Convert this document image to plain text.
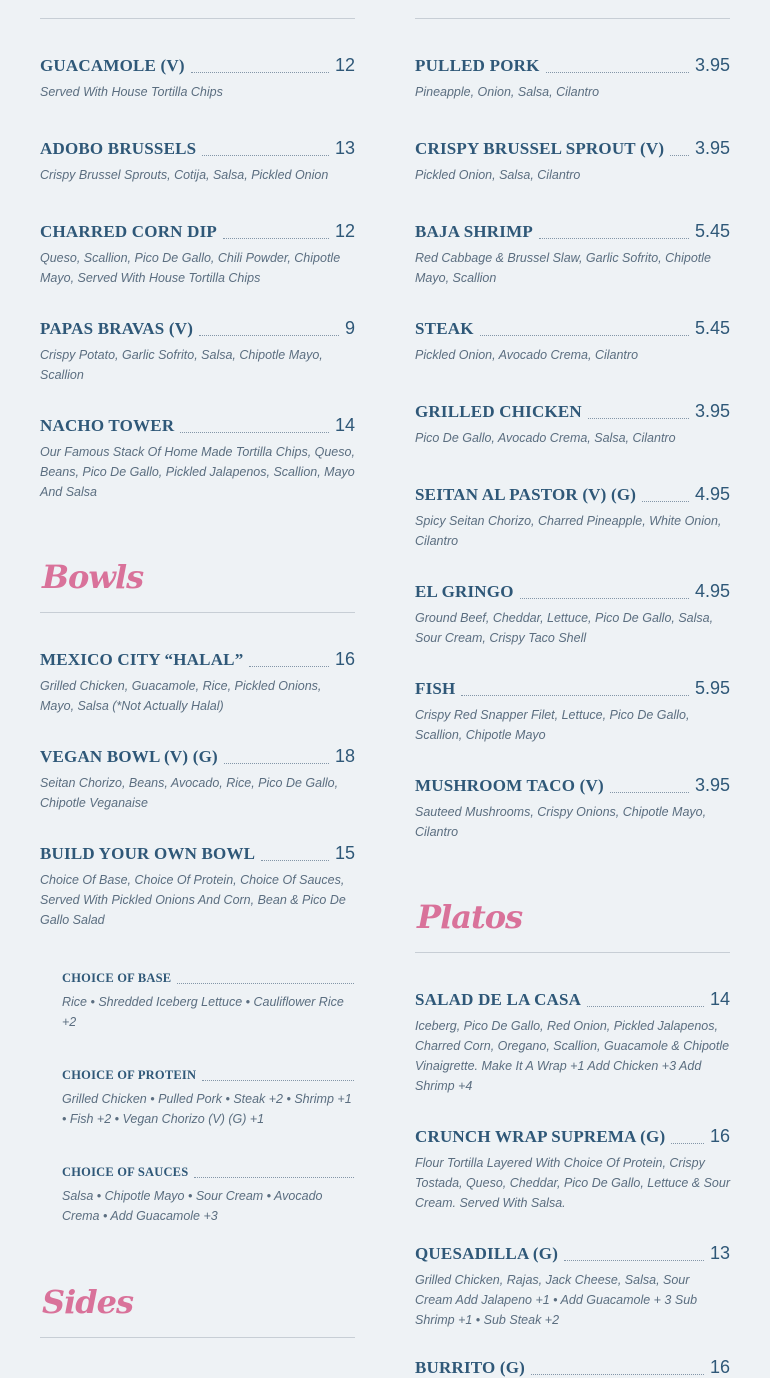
GUACAMOLE (V)	12
Served With House Tortilla Chips
ADOBO BRUSSELS	13
Crispy Brussel Sprouts, Cotija, Salsa, Pickled Onion
CHARRED CORN DIP	12
Queso, Scallion, Pico De Gallo, Chili Powder, Chipotle Mayo, Served With House Tortilla Chips
PAPAS BRAVAS (V)	9
Crispy Potato, Garlic Sofrito, Salsa, Chipotle Mayo, Scallion
NACHO TOWER	14
Our Famous Stack Of Home Made Tortilla Chips, Queso, Beans, Pico De Gallo, Pickled Jalapenos, Scallion, Mayo And Salsa
Bowls
MEXICO CITY “HALAL”	16
Grilled Chicken, Guacamole, Rice, Pickled Onions, Mayo, Salsa (*Not Actually Halal)
VEGAN BOWL (V) (G)	18
Seitan Chorizo, Beans, Avocado, Rice, Pico De Gallo, Chipotle Veganaise
BUILD YOUR OWN BOWL	15
Choice Of Base, Choice Of Protein, Choice Of Sauces, Served With Pickled Onions And Corn, Bean & Pico De Gallo Salad
CHOICE OF BASE
Rice • Shredded Iceberg Lettuce • Cauliflower Rice +2
CHOICE OF PROTEIN
Grilled Chicken • Pulled Pork • Steak +2 • Shrimp +1 • Fish +2 • Vegan Chorizo (V) (G) +1
CHOICE OF SAUCES
Salsa • Chipotle Mayo • Sour Cream • Avocado Crema • Add Guacamole +3
Sides
PULLED PORK	3.95
Pineapple, Onion, Salsa, Cilantro
CRISPY BRUSSEL SPROUT (V) 3.95
Pickled Onion, Salsa, Cilantro
BAJA SHRIMP	5.45
Red Cabbage & Brussel Slaw, Garlic Sofrito, Chipotle Mayo, Scallion
STEAK	5.45
Pickled Onion, Avocado Crema, Cilantro
GRILLED CHICKEN	3.95
Pico De Gallo, Avocado Crema, Salsa, Cilantro
SEITAN AL PASTOR (V) (G)	4.95
Spicy Seitan Chorizo, Charred Pineapple, White Onion, Cilantro
EL GRINGO	4.95
Ground Beef, Cheddar, Lettuce, Pico De Gallo, Salsa, Sour Cream, Crispy Taco Shell
FISH	5.95
Crispy Red Snapper Filet, Lettuce, Pico De Gallo, Scallion, Chipotle Mayo
MUSHROOM TACO (V)	3.95
Sauteed Mushrooms, Crispy Onions, Chipotle Mayo, Cilantro
Platos
SALAD DE LA CASA	14
Iceberg, Pico De Gallo, Red Onion, Pickled Jalapenos, Charred Corn, Oregano, Scallion, Guacamole & Chipotle Vinaigrette. Make It A Wrap +1 Add Chicken +3 Add Shrimp +4
CRUNCH WRAP SUPREMA (G) 16
Flour Tortilla Layered With Choice Of Protein, Crispy Tostada, Queso, Cheddar, Pico De Gallo, Lettuce & Sour Cream. Served With Salsa.
QUESADILLA (G)	13
Grilled Chicken, Rajas, Jack Cheese, Salsa, Sour Cream Add Jalapeno +1 • Add Guacamole + 3 Sub Shrimp +1 • Sub Steak +2
BURRITO (G)	16
